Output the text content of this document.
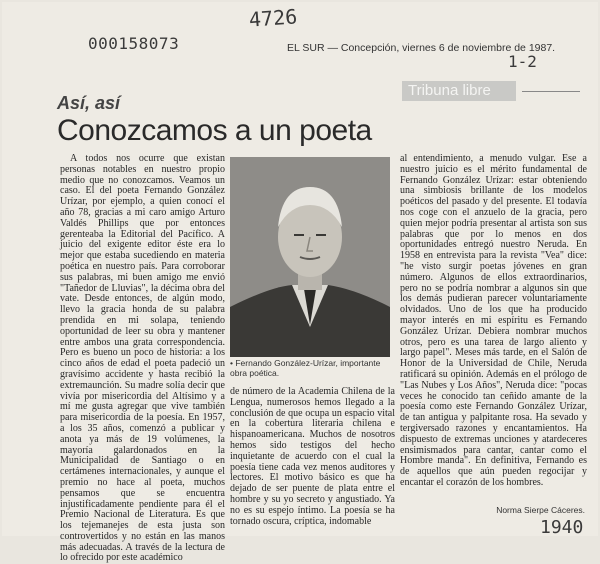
4726
000158073
1-2
1940
EL SUR — Concepción, viernes 6 de noviembre de 1987.
Tribuna libre
Así, así
Conozcamos a un poeta

A todos nos ocurre que existan personas notables en nuestro propio medio que no conozcamos. Veamos un caso. El del poeta Fernando González Urízar, por ejemplo, a quien conocí el año 78, gracias a mi caro amigo Arturo Valdés Phillips que por entonces gerenteaba la Editorial del Pacífico. A juicio del exigente editor éste era lo mejor que estaba sucediendo en materia poética en nuestro país. Para corroborar sus palabras, mi buen amigo me envió "Tañedor de Lluvias", la décima obra del vate. Desde entonces, de algún modo, llevo la gracia honda de su palabra prendida en mi solapa, teniendo oportunidad de leer su obra y mantener entre ambos una grata correspondencia. Pero es bueno un poco de historia: a los cinco años de edad el poeta padeció un gravísimo accidente y hasta recibió la extremaunción. Su madre solía decir que vivía por misericordia del Altísimo y a mí me gusta agregar que vive también para misericordia de la poesía. En 1957, a los 35 años, comenzó a publicar y anota ya más de 19 volúmenes, la mayoría galardonados en la Municipalidad de Santiago o en certámenes internacionales, y aunque el premio no hace al poeta, muchos pensamos que se encuentra injustificadamente pendiente para él el Premio Nacional de Literatura. Es que los tejemanejes de esta justa son controvertidos y no están en las manos más adecuadas. A través de la lectura de lo ofrecido por este académico

• Fernando González-Urízar, importante obra poética.

de número de la Academia Chilena de la Lengua, numerosos hemos llegado a la conclusión de que ocupa un espacio vital en la cobertura literaria chilena e hispanoamericana. Muchos de nosotros hemos sido testigos del hecho inquietante de acuerdo con el cual la poesía tiene cada vez menos auditores y lectores. El motivo básico es que ha dejado de ser puente de plata entre el hombre y su yo secreto y angustiado. Ya no es su espejo íntimo. La poesía se ha tornado oscura, críptica, indomable

al entendimiento, a menudo vulgar. Ese a nuestro juicio es el mérito fundamental de Fernando González Urízar: estar obteniendo una simbiosis brillante de los modelos poéticos del pasado y del presente. El todavía nos coge con el anzuelo de la gracia, pero quien mejor podría presentar al artista son sus palabras que por lo menos en dos oportunidades entregó nuestro Neruda. En 1958 en entrevista para la revista "Vea" dice: "he visto surgir poetas jóvenes en gran número. Algunos de ellos extraordinarios, pero no se podría nombrar a algunos sin que los demás pudieran parecer voluntariamente olvidados. Uno de los que ha producido mayor interés en mi espíritu es Fernando González Urízar. Debiera nombrar muchos otros, pero es una tarea de largo aliento y largo papel". Meses más tarde, en el Salón de Honor de la Universidad de Chile, Neruda ratificará su opinión. Además en el prólogo de "Las Nubes y Los Años", Neruda dice: "pocas veces he conocido tan ceñido amante de la poesía como este Fernando González Urízar, de tan antigua y palpitante rosa. Ha sevado y tergiversado razones y encantamientos. Ha dispuesto de extremas unciones y atardeceres ensimismados para cantar, cantar como el Hombre manda". En definitiva, Fernando es de aquellos que aún pueden regocijar y encantar el corazón de los hombres.

Norma Sierpe Cáceres.
